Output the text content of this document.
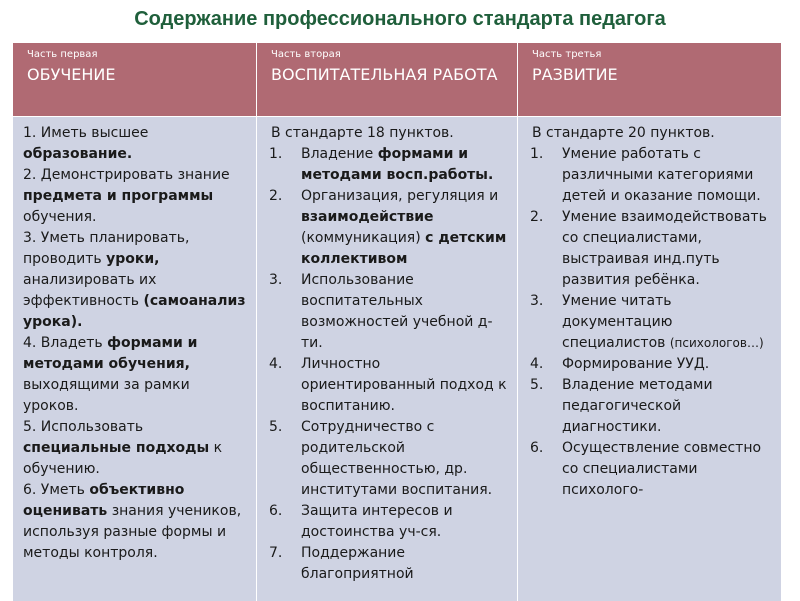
Содержание профессионального стандарта педагога
Часть первая
ОБУЧЕНИЕ
Часть вторая
ВОСПИТАТЕЛЬНАЯ РАБОТА
Часть третья
РАЗВИТИЕ

1. Иметь высшее образование.

2. Демонстрировать знание предмета и программы обучения.

3. Уметь планировать, проводить уроки, анализировать их эффективность (самоанализ урока).

4. Владеть формами и методами обучения, выходящими за рамки уроков.

5. Использовать специальные подходы к обучению.

6. Уметь объективно оценивать знания учеников, используя разные формы и методы контроля.

В стандарте 18 пунктов.

1. Владение формами и методами восп.работы.
2. Организация, регуляция и взаимодействие (коммуникация) с детским коллективом
3. Использование воспитательных возможностей учебной д-ти.
4. Личностно ориентированный подход к воспитанию.
5. Сотрудничество с родительской общественностью, др. институтами воспитания.
6. Защита интересов и достоинства уч-ся.
7. Поддержание благоприятной

В стандарте 20 пунктов.

1. Умение работать с различными категориями детей и оказание помощи.
2. Умение взаимодействовать со специалистами, выстраивая инд.путь развития ребёнка.
3. Умение читать документацию специалистов (психологов…)
4. Формирование УУД.
5. Владение методами педагогической диагностики.
6. Осуществление совместно со специалистами психолого-
